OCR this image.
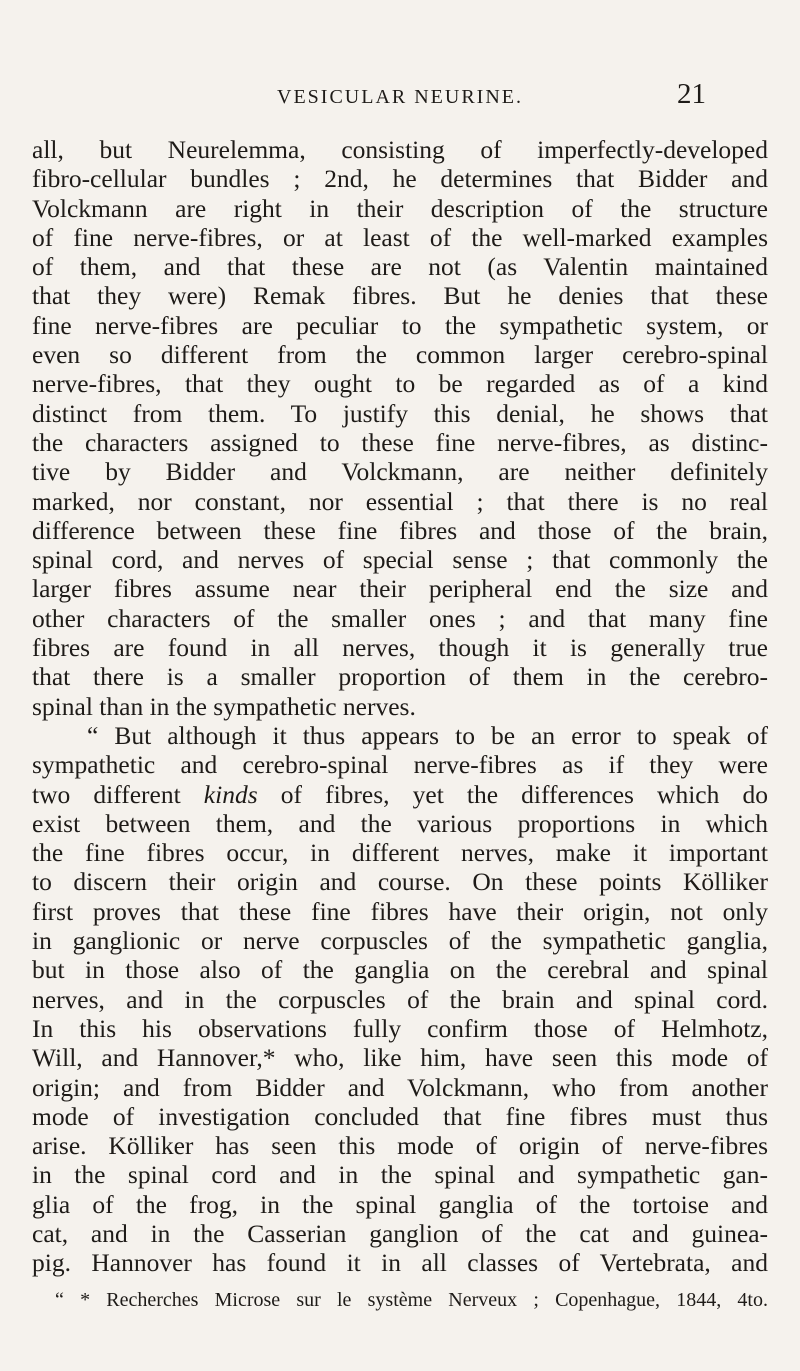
VESICULAR NEURINE.	21
all, but Neurelemma, consisting of imperfectly-developed
fibro-cellular bundles ; 2nd, he determines that Bidder and
Volckmann are right in their description of the structure
of fine nerve-fibres, or at least of the well-marked examples
of them, and that these are not (as Valentin maintained
that they were) Remak fibres. But he denies that these
fine nerve-fibres are peculiar to the sympathetic system, or
even so different from the common larger cerebro-spinal
nerve-fibres, that they ought to be regarded as of a kind
distinct from them. To justify this denial, he shows that
the characters assigned to these fine nerve-fibres, as distinc-
tive by Bidder and Volckmann, are neither definitely
marked, nor constant, nor essential ; that there is no real
difference between these fine fibres and those of the brain,
spinal cord, and nerves of special sense ; that commonly the
larger fibres assume near their peripheral end the size and
other characters of the smaller ones ; and that many fine
fibres are found in all nerves, though it is generally true
that there is a smaller proportion of them in the cerebro-
spinal than in the sympathetic nerves.
“ But although it thus appears to be an error to speak of
sympathetic and cerebro-spinal nerve-fibres as if they were
two different kinds of fibres, yet the differences which do
exist between them, and the various proportions in which
the fine fibres occur, in different nerves, make it important
to discern their origin and course. On these points Kölliker
first proves that these fine fibres have their origin, not only
in ganglionic or nerve corpuscles of the sympathetic ganglia,
but in those also of the ganglia on the cerebral and spinal
nerves, and in the corpuscles of the brain and spinal cord.
In this his observations fully confirm those of Helmhotz,
Will, and Hannover,* who, like him, have seen this mode of
origin; and from Bidder and Volckmann, who from another
mode of investigation concluded that fine fibres must thus
arise. Kölliker has seen this mode of origin of nerve-fibres
in the spinal cord and in the spinal and sympathetic gan-
glia of the frog, in the spinal ganglia of the tortoise and
cat, and in the Casserian ganglion of the cat and guinea-
pig. Hannover has found it in all classes of Vertebrata, and
“ * Recherches Microse sur le système Nerveux ; Copenhague, 1844, 4to.
